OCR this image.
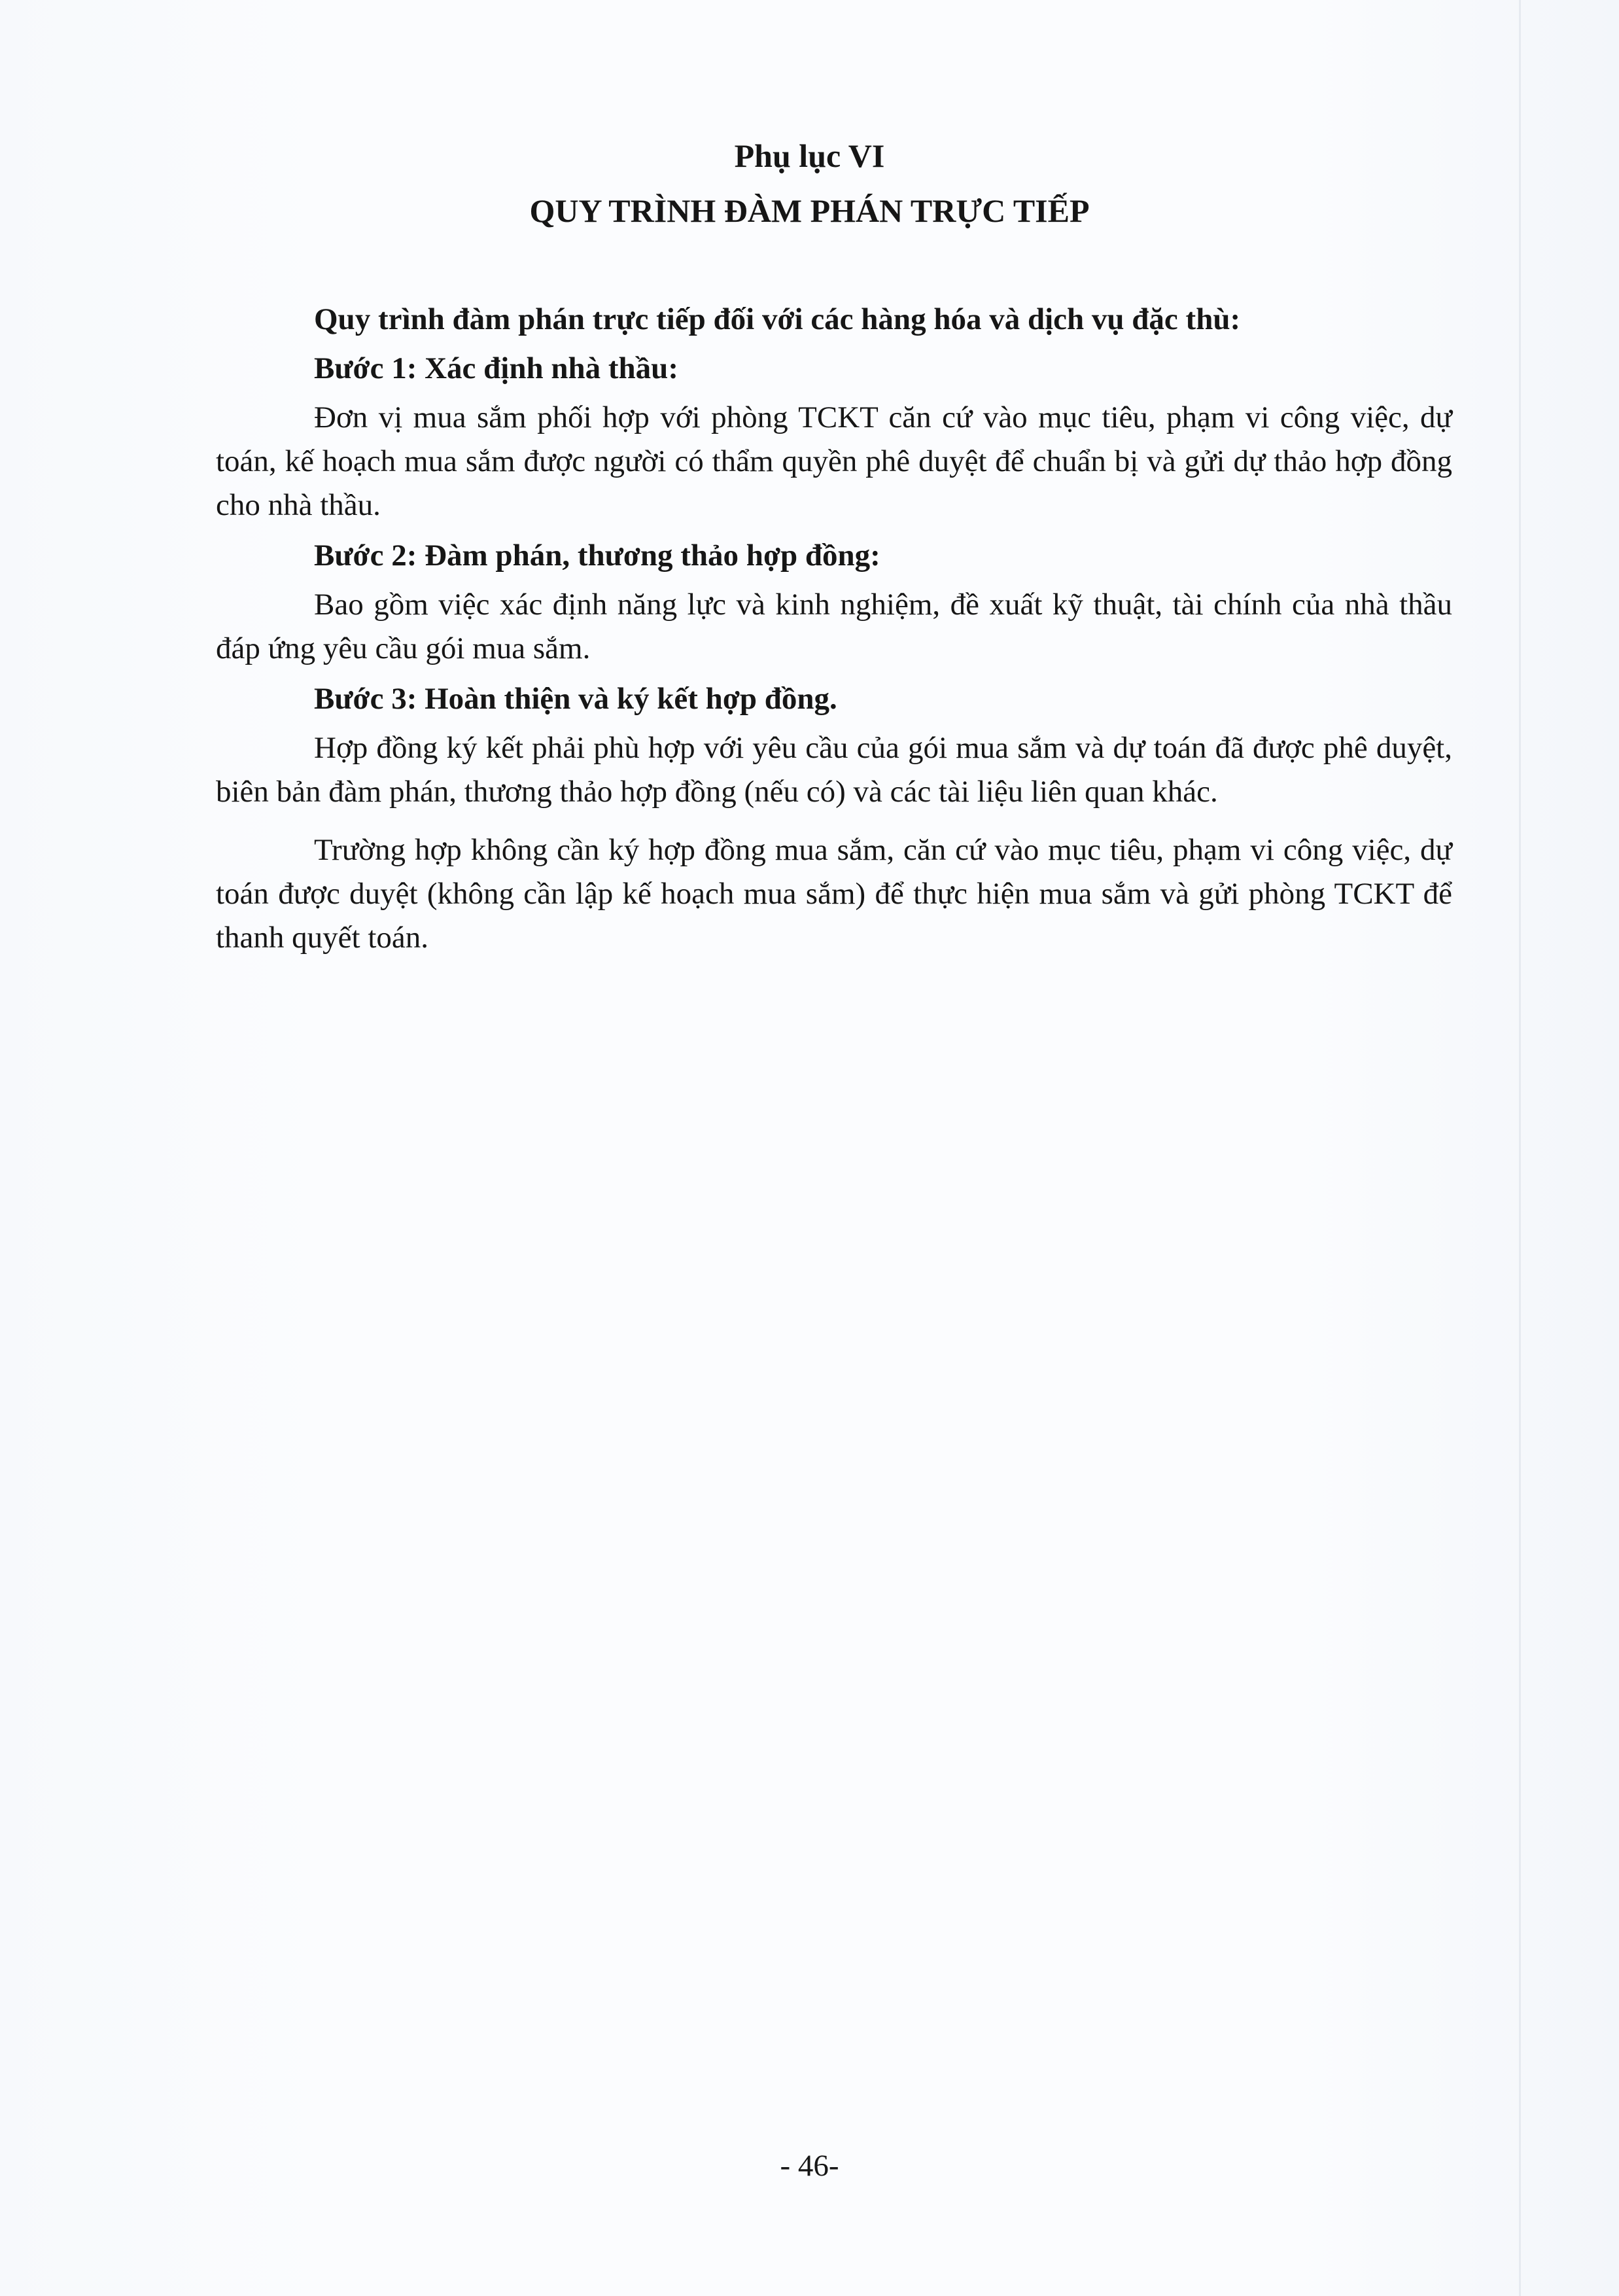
Phụ lục VI
QUY TRÌNH ĐÀM PHÁN TRỰC TIẾP

Quy trình đàm phán trực tiếp đối với các hàng hóa và dịch vụ đặc thù:

Bước 1: Xác định nhà thầu:

Đơn vị mua sắm phối hợp với phòng TCKT căn cứ vào mục tiêu, phạm vi công việc, dự toán, kế hoạch mua sắm được người có thẩm quyền phê duyệt để chuẩn bị và gửi dự thảo hợp đồng cho nhà thầu.

Bước 2: Đàm phán, thương thảo hợp đồng:

Bao gồm việc xác định năng lực và kinh nghiệm, đề xuất kỹ thuật, tài chính của nhà thầu đáp ứng yêu cầu gói mua sắm.

Bước 3: Hoàn thiện và ký kết hợp đồng.

Hợp đồng ký kết phải phù hợp với yêu cầu của gói mua sắm và dự toán đã được phê duyệt, biên bản đàm phán, thương thảo hợp đồng (nếu có) và các tài liệu liên quan khác.

Trường hợp không cần ký hợp đồng mua sắm, căn cứ vào mục tiêu, phạm vi công việc, dự toán được duyệt (không cần lập kế hoạch mua sắm) để thực hiện mua sắm và gửi phòng TCKT để thanh quyết toán.

- 46-
